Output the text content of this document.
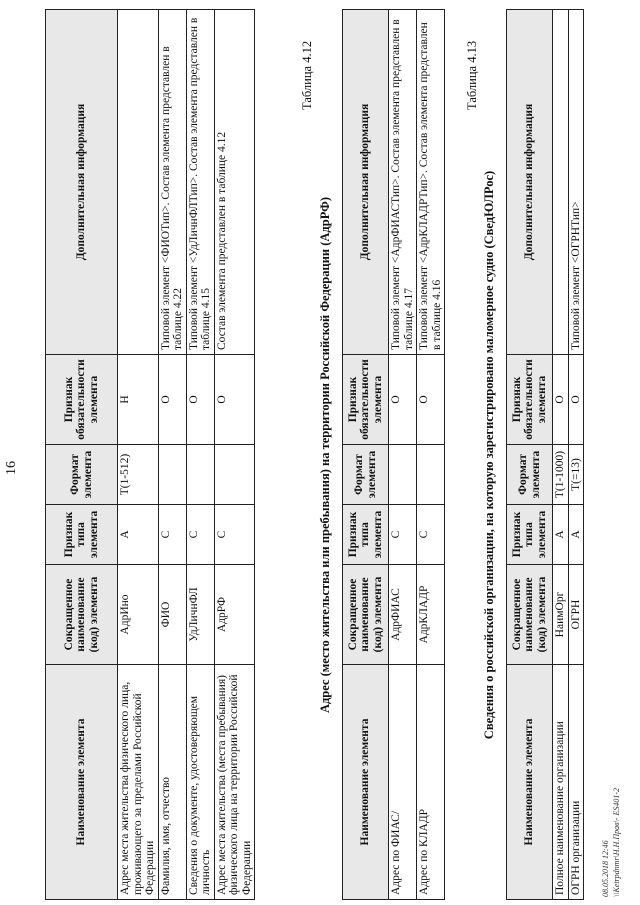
16
Наименование элемента	Сокращенное наименование (код) элемента	Признак типа элемента	Формат элемента	Признак обязательности элемента	Дополнительная информация
Адрес места жительства физического лица, проживающего за пределами Российской Федерации	АдрИно	А	Т(1-512)	Н	
Фамилия, имя, отчество	ФИО	С		О	Типовой элемент <ФИОТип>. Состав элемента представлен в таблице 4.22
Сведения о документе, удостоверяющем личность	УдЛичнФЛ	С		О	Типовой элемент <УдЛичнФЛТип>. Состав элемента представлен в таблице 4.15
Адрес места жительства (места пребывания) физического лица на территории Российской Федерации	АдрРФ	С		О	Состав элемента представлен в таблице 4.12
Таблица 4.12
Адрес (место жительства или пребывания) на территории Российской Федерации (АдрРФ)
Наименование элемента	Сокращенное наименование (код) элемента	Признак типа элемента	Формат элемента	Признак обязательности элемента	Дополнительная информация
Адрес по ФИАС/	АдрФИАС	С		О	Типовой элемент <АдрФИАСТип>. Состав элемента представлен в таблице 4.17
Адрес по КЛАДР	АдрКЛАДР	С		О	Типовой элемент <АдрКЛАДРТип>. Состав элемента представлен в таблице 4.16
Таблица 4.13
Сведения о российской организации, на которую зарегистрировано маломерное судно (СведЮЛРос)
Наименование элемента	Сокращенное наименование (код) элемента	Признак типа элемента	Формат элемента	Признак обязательности элемента	Дополнительная информация
Полное наименование организации	НаимОрг	А	Т(1-1000)	О	
ОГРН организации	ОГРН	А	Т(=13)	О	Типовой элемент <ОГРНТип>
08.05.2018 12:46 \\Ketrpdnmr\Н.Н.Прав\- ES401-2
